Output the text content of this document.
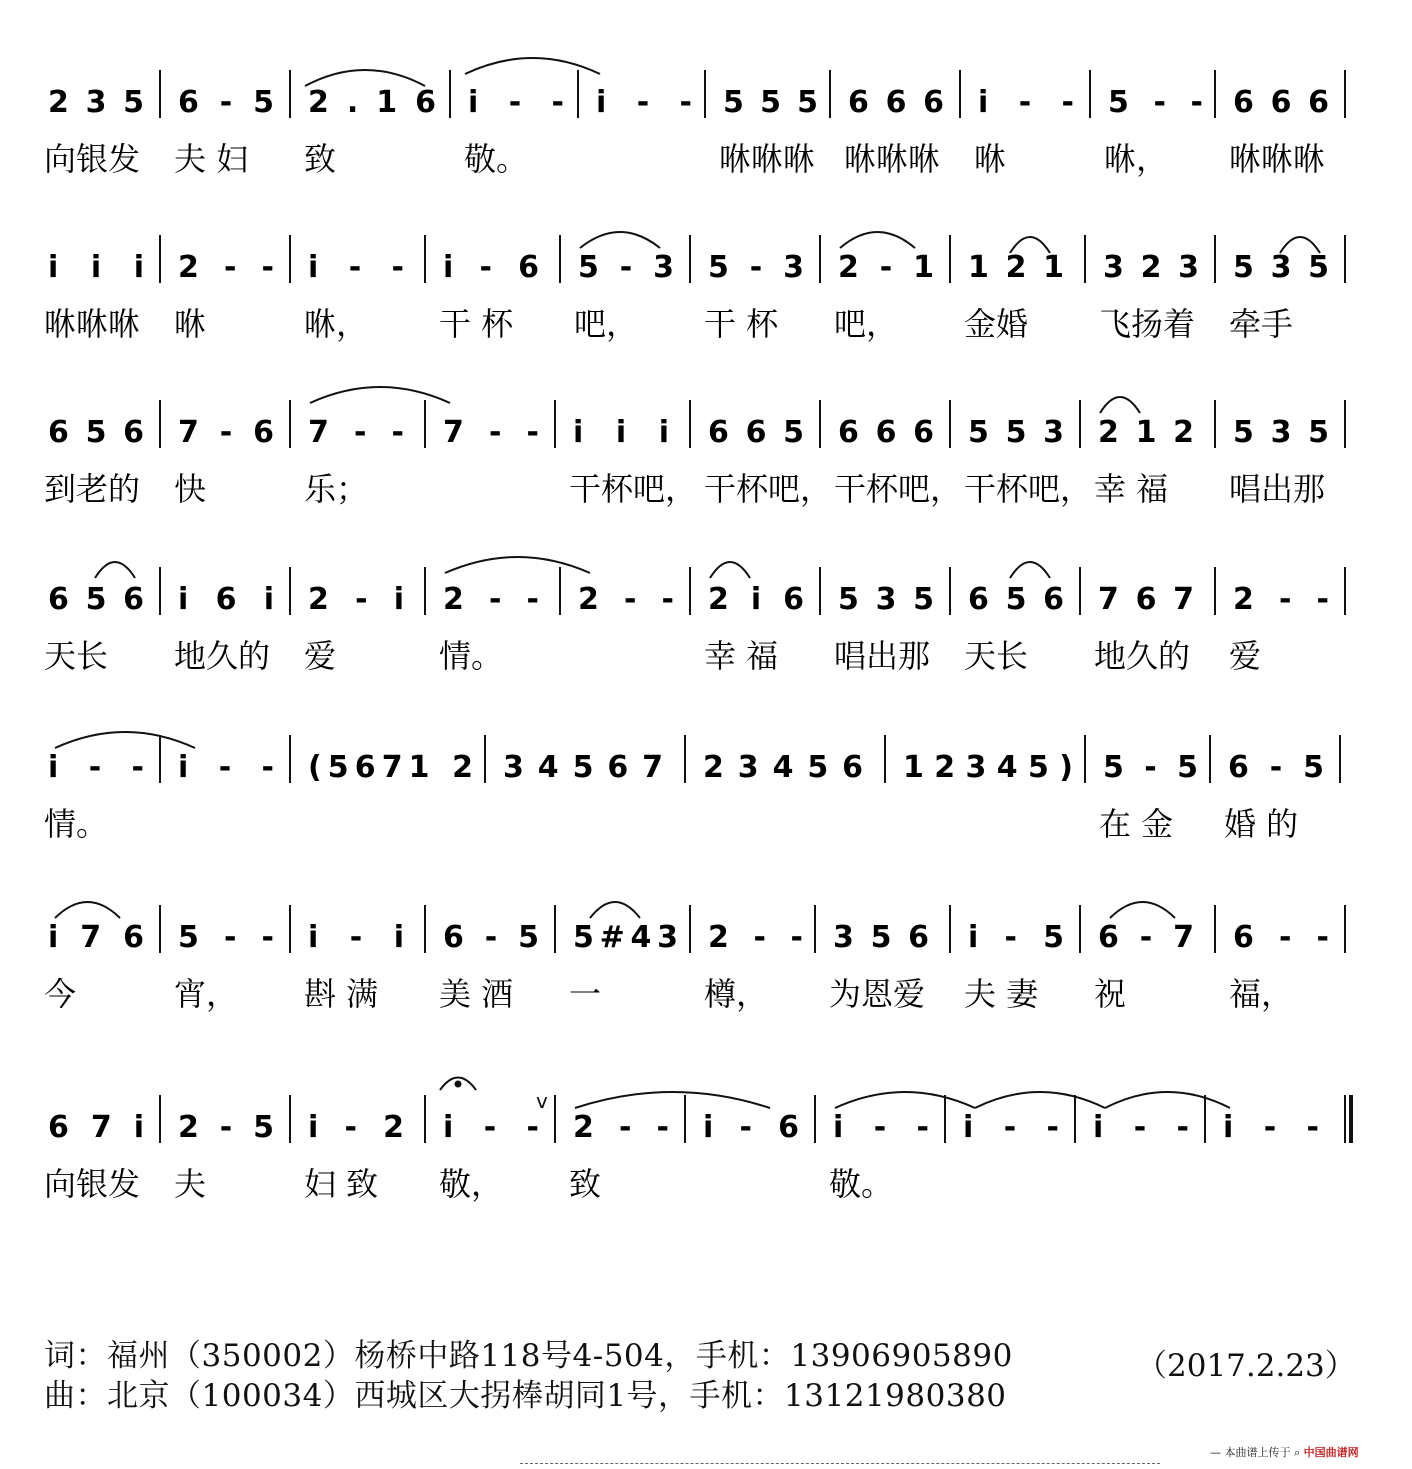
235 6-5 2.16 i-- i-- 555 666 i-- 5-- 666
iii 2-- i-- i-6 5-3 5-3 2-1 121 323 535
656 7-6 7-- 7-- iii 665 666 553 212 535
656 i6i 2-i 2-- 2-- 2i6 535 656 767 2--
i-- i-- (5671 2 34567 23456 12345) 5-5 6-5
i76 5-- i-i 6-5 5#43 2-- 356 i-5 6-7 6--
67i 2-5 i-2 i-- 2-- i-6 i-- i-- i-- i--
向银发 夫 妇 致	敬。	咻咻咻 咻咻咻 咻	咻， 咻咻咻
咻咻咻 咻	咻， 干 杯 吧， 干 杯 吧， 金婚 飞扬着 牵手
到老的 快	乐；	干杯吧， 干杯吧， 干杯吧， 干杯吧， 幸 福 唱出那
天长 地久的 爱	情。	幸 福 唱出那 天长 地久的 爱
情。	在 金 婚 的
今	宵， 斟 满 美 酒 一	樽， 为恩爱 夫 妻 祝	福，
向银发 夫	妇 致 敬， 致	敬。
v
词：福州（350002）杨桥中路118号4-504，手机：13906905890
曲：北京（100034）西城区大拐棒胡同1号，手机：13121980380
（2017.2.23）
— 本曲谱上传于 ⌕ 中国曲谱网
